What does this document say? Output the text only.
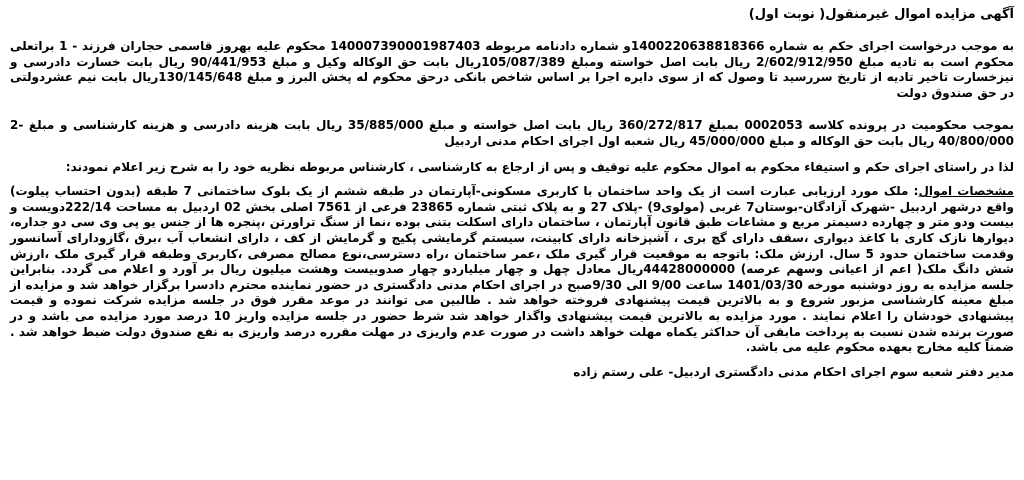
آگهی مزایده اموال غیرمنقول( نوبت اول)

به موجب درخواست اجرای حکم به شماره 1400220638818366و شماره دادنامه مربوطه 140007390001987403 محکوم علیه بهروز قاسمی حجاران فرزند - 1 براتعلی محکوم است به تادیه مبلغ 2/602/912/950 ریال بابت اصل خواسته ومبلغ 105/087/389ریال بابت حق الوکاله وکیل و مبلغ 90/441/953 ریال بابت خسارت دادرسی و نیزخسارت تاخیر تادیه از تاریخ سررسید تا وصول که از سوی دایره اجرا بر اساس شاخص بانکی درحق محکوم له پخش البرز و مبلغ 130/145/648ریال بابت نیم عشردولتی در حق صندوق دولت

بموجب محکومیت در پرونده کلاسه 0002053 بمبلغ 360/272/817 ریال بابت اصل خواسته و مبلغ 35/885/000 ریال بابت هزینه دادرسی و هزینه کارشناسی و مبلغ -2 40/800/000 ریال بابت حق الوکاله و مبلغ 45/000/000 ریال شعبه اول اجرای احکام مدنی اردبیل

لذا در راستای اجرای حکم و استیفاء محکوم به اموال محکوم علیه توقیف و پس از ارجاع به کارشناسی ، کارشناس مربوطه نظریه خود را به شرح زیر اعلام نمودند:

مشخصات اموال: ملک مورد ارزیابی عبارت است از یک واحد ساختمان با کاربری مسکونی-آپارتمان در طبقه ششم از یک بلوک ساختمانی 7 طبقه (بدون احتساب پیلوت) واقع درشهر اردبیل -شهرک آزادگان-بوستان7 غربی (مولوی9) -پلاک 27 و به پلاک ثبتی شماره 23865 فرعی از 7561 اصلی بخش 02 اردبیل به مساحت 222/14دویست و بیست ودو متر و چهارده دسیمتر مربع و مشاعات طبق قانون آپارتمان ، ساختمان دارای اسکلت بتنی بوده ،نما از سنگ تراورتن ،پنجره ها از جنس یو پی وی سی دو جداره، دیوارها نازک کاری با کاغذ دیواری ،سقف دارای گچ بری ، آشپزخانه دارای کابینت، سیستم گرمایشی پکیج و گرمایش از کف ، دارای انشعاب آب ،برق ،گازودارای آسانسور وقدمت ساختمان حدود 5 سال. ارزش ملک: باتوجه به موقعیت قرار گیری ملک ،عمر ساختمان ،راه دسترسی،نوع مصالح مصرفی ،کاربری وطبقه قرار گیری ملک ،ارزش شش دانگ ملک( اعم از اعیانی وسهم عرصه) 44428000000ریال معادل چهل و چهار میلیاردو چهار صدوبیست وهشت میلیون ریال بر آورد و اعلام می گردد. بنابراین جلسه مزایده به روز دوشنبه مورخه 1401/03/30 ساعت 9/00 الی 9/30صبح در اجرای احکام مدنی دادگستری در حضور نماینده محترم دادسرا برگزار خواهد شد و مزایده از مبلغ معینه کارشناسی مزبور شروع و به بالاترین قیمت پیشنهادی فروخته خواهد شد . طالبین می توانند در موعد مقرر فوق در جلسه مزایده شرکت نموده و قیمت پیشنهادی خودشان را اعلام نمایند . مورد مزایده به بالاترین قیمت پیشنهادی واگذار خواهد شد شرط حضور در جلسه مزایده واریز 10 درصد مورد مزایده می باشد و در صورت برنده شدن نسبت به پرداخت مابقی آن حداکثر یکماه مهلت خواهد داشت در صورت عدم واریزی در مهلت مقرره درصد واریزی به نفع صندوق دولت ضبط خواهد شد . ضمناً کلیه مخارج بعهده محکوم علیه می باشد.

مدیر دفتر شعبه سوم اجرای احکام مدنی دادگستری اردبیل- علی رستم زاده
